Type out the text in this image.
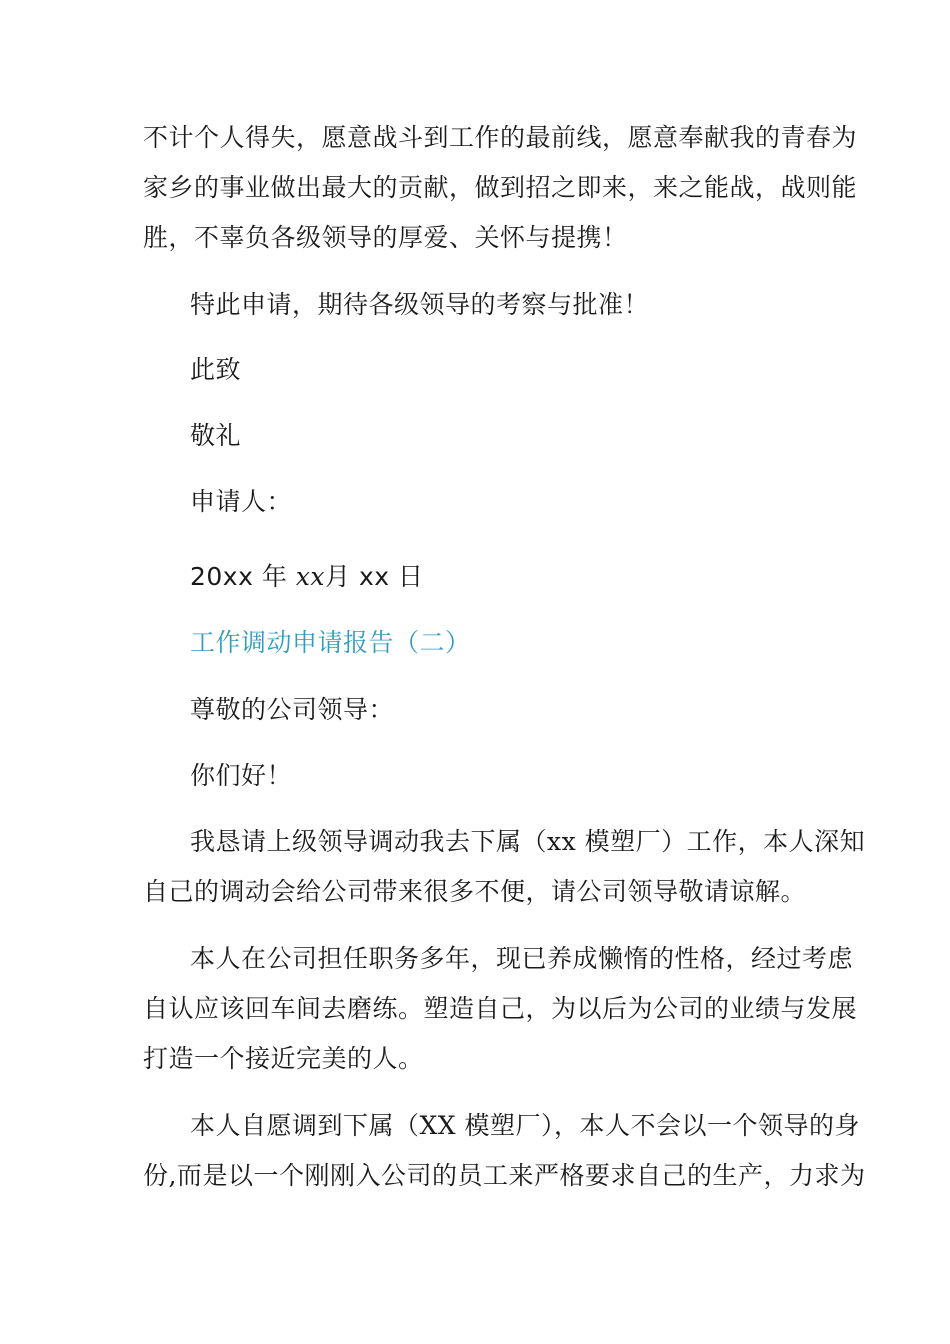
不计个人得失，愿意战斗到工作的最前线，愿意奉献我的青春为
家乡的事业做出最大的贡献，做到招之即来，来之能战，战则能
胜，不辜负各级领导的厚爱、关怀与提携！
特此申请，期待各级领导的考察与批准！
此致
敬礼
申请人：
20xx 年 xx月 xx 日
工作调动申请报告（二）
尊敬的公司领导：
你们好！
我恳请上级领导调动我去下属（xx 模塑厂）工作，本人深知
自己的调动会给公司带来很多不便，请公司领导敬请谅解。
本人在公司担任职务多年，现已养成懒惰的性格，经过考虑
自认应该回车间去磨练。塑造自己，为以后为公司的业绩与发展
打造一个接近完美的人。
本人自愿调到下属（XX 模塑厂），本人不会以一个领导的身
份,而是以一个刚刚入公司的员工来严格要求自己的生产，力求为
